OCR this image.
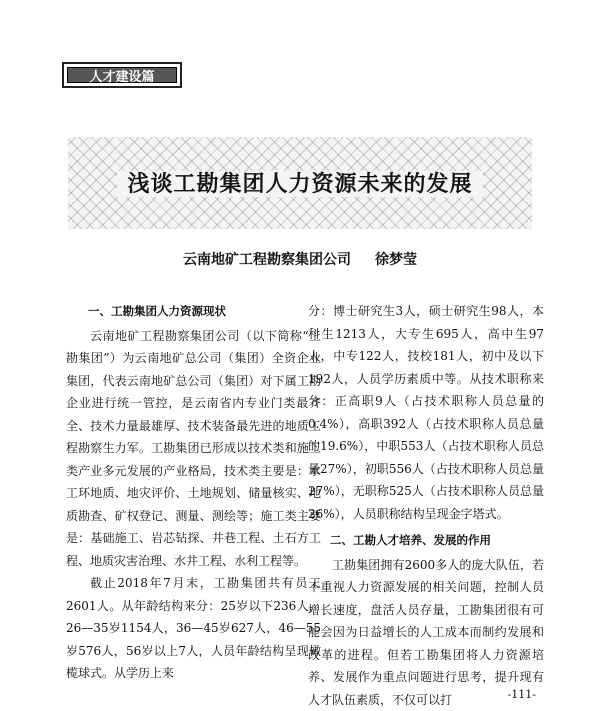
人才建设篇
浅谈工勘集团人力资源未来的发展
云南地矿工程勘察集团公司 徐梦莹

一、工勘集团人力资源现状

云南地矿工程勘察集团公司（以下简称“工勘集团”）为云南地矿总公司（集团）全资企业集团，代表云南地矿总公司（集团）对下属工勘企业进行统一管控，是云南省内专业门类最齐全、技术力量最雄厚、技术装备最先进的地质工程勘察生力军。工勘集团已形成以技术类和施工类产业多元发展的产业格局，技术类主要是：水工环地质、地灾评价、土地规划、储量核实、地质勘查、矿权登记、测量、测绘等；施工类主要是：基础施工、岩芯钻探、井巷工程、土石方工程、地质灾害治理、水井工程、水利工程等。

截止2018年7月末，工勘集团共有员工2601人。从年龄结构来分：25岁以下236人，26—35岁1154人，36—45岁627人，46—55岁576人，56岁以上7人，人员年龄结构呈现橄榄球式。从学历上来

分：博士研究生3人，硕士研究生98人，本科生1213人，大专生695人，高中生97人，中专122人，技校181人，初中及以下192人，人员学历素质中等。从技术职称来分：正高职9人（占技术职称人员总量的0.4%），高职392人（占技术职称人员总量的19.6%），中职553人（占技术职称人员总量27%），初职556人（占技术职称人员总量27%），无职称525人（占技术职称人员总量26%），人员职称结构呈现金字塔式。

二、工勘人才培养、发展的作用

工勘集团拥有2600多人的庞大队伍，若不重视人力资源发展的相关问题，控制人员增长速度，盘活人员存量，工勘集团很有可能会因为日益增长的人工成本而制约发展和改革的进程。但若工勘集团将人力资源培养、发展作为重点问题进行思考，提升现有人才队伍素质，不仅可以打	-111-
